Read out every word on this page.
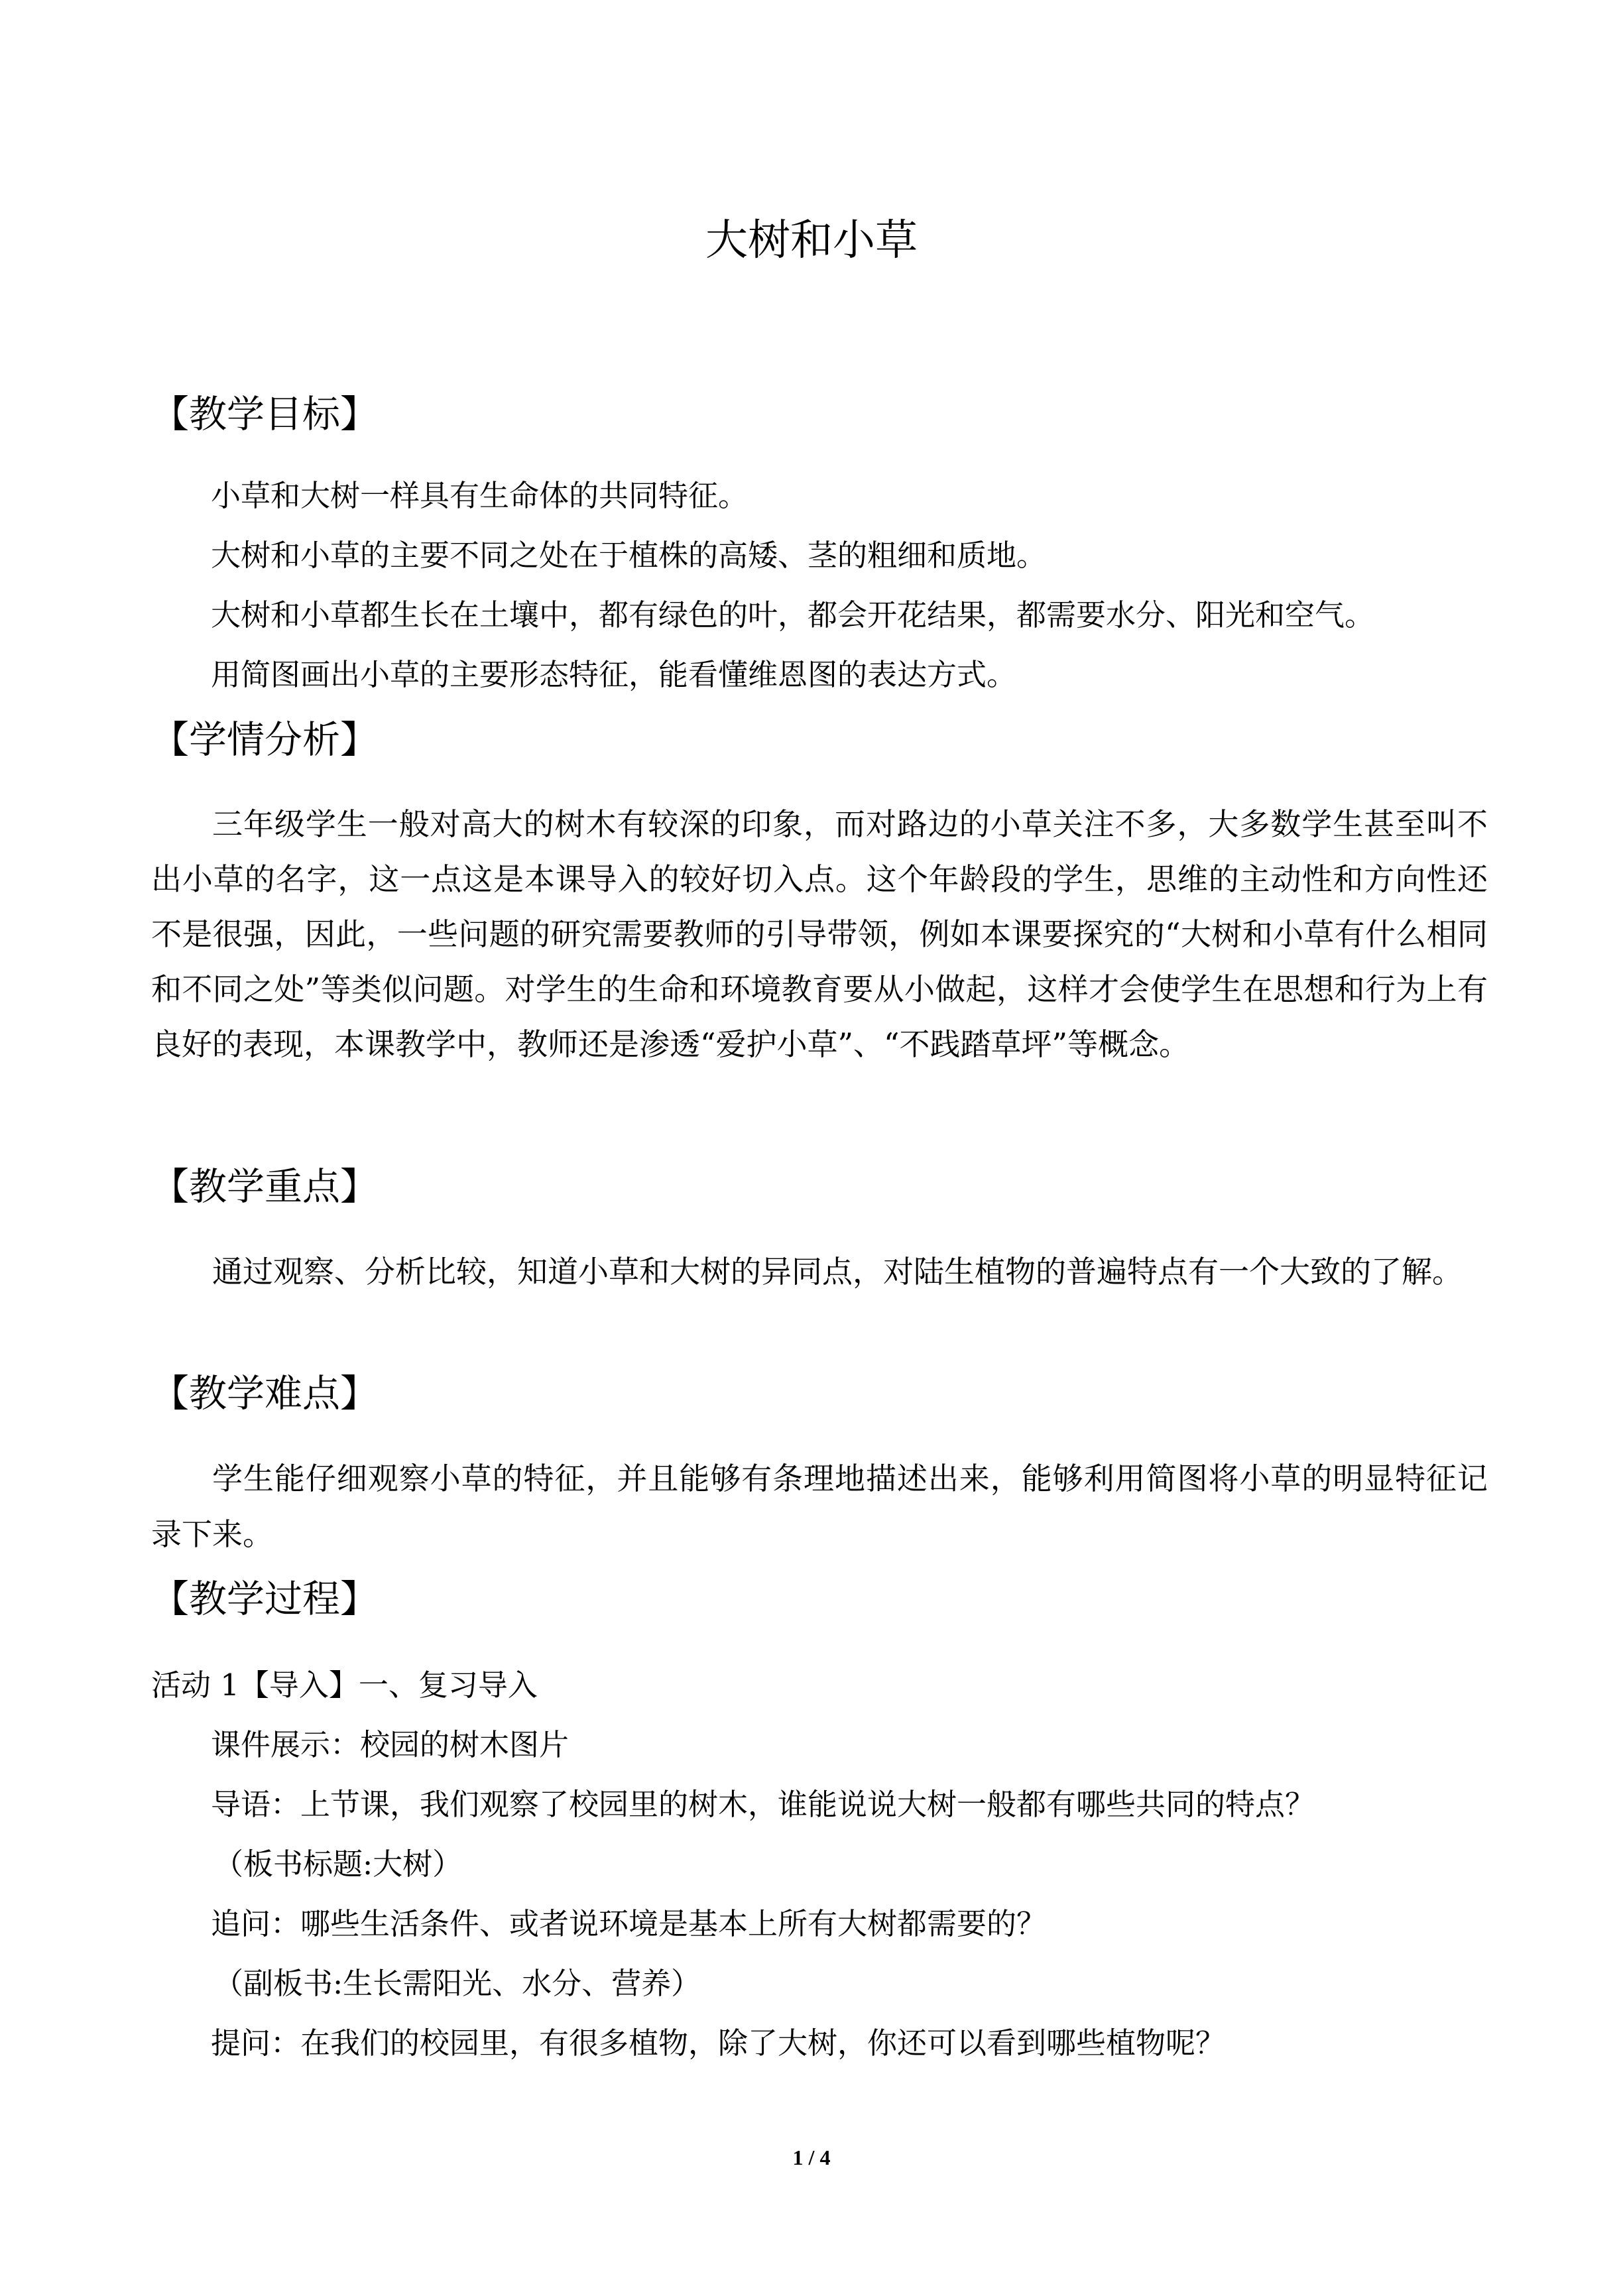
大树和小草
【教学目标】

小草和大树一样具有生命体的共同特征。

大树和小草的主要不同之处在于植株的高矮、茎的粗细和质地。

大树和小草都生长在土壤中，都有绿色的叶，都会开花结果，都需要水分、阳光和空气。

用简图画出小草的主要形态特征，能看懂维恩图的表达方式。

【学情分析】

三年级学生一般对高大的树木有较深的印象，而对路边的小草关注不多，大多数学生甚至叫不出小草的名字，这一点这是本课导入的较好切入点。这个年龄段的学生，思维的主动性和方向性还不是很强，因此，一些问题的研究需要教师的引导带领，例如本课要探究的“大树和小草有什么相同和不同之处”等类似问题。对学生的生命和环境教育要从小做起，这样才会使学生在思想和行为上有良好的表现，本课教学中，教师还是渗透“爱护小草”、“不践踏草坪”等概念。

【教学重点】

通过观察、分析比较，知道小草和大树的异同点，对陆生植物的普遍特点有一个大致的了解。

【教学难点】

学生能仔细观察小草的特征，并且能够有条理地描述出来，能够利用简图将小草的明显特征记录下来。

【教学过程】

活动 1【导入】一、复习导入

课件展示：校园的树木图片

导语：上节课，我们观察了校园里的树木，谁能说说大树一般都有哪些共同的特点？

（板书标题:大树）

追问：哪些生活条件、或者说环境是基本上所有大树都需要的？

（副板书:生长需阳光、水分、营养）

提问：在我们的校园里，有很多植物，除了大树，你还可以看到哪些植物呢？

1 / 4
